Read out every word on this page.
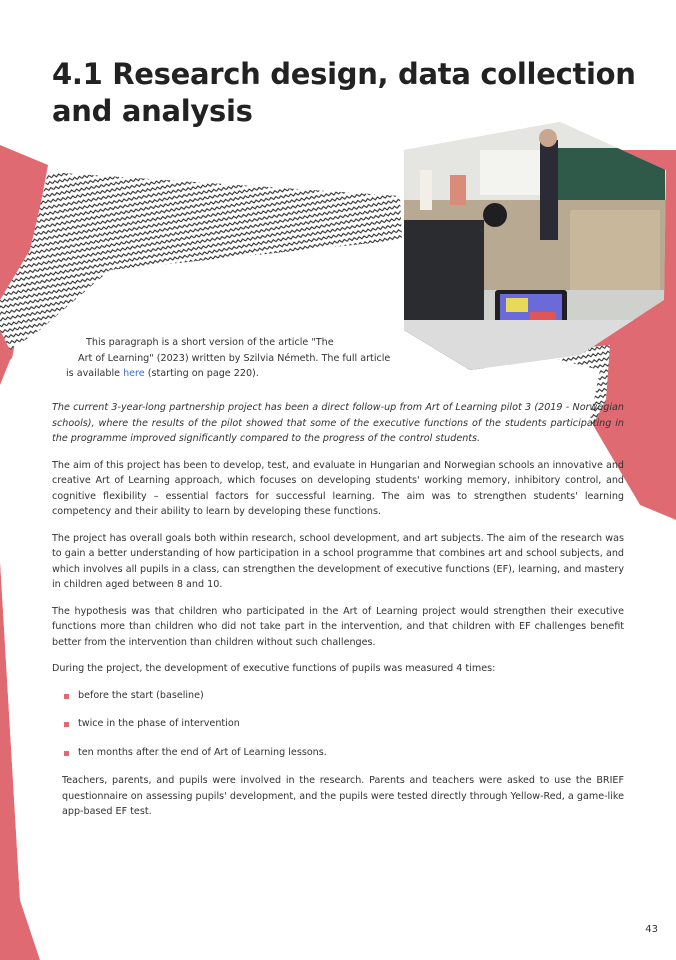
4.1 Research design, data collection and analysis
This paragraph is a short version of the article "The
Art of Learning" (2023) written by Szilvia Németh. The full article
is available here (starting on page 220).

The current 3-year-long partnership project has been a direct follow-up from Art of Learning pilot 3 (2019 - Norwegian schools), where the results of the pilot showed that some of the executive functions of the students participating in the programme improved significantly compared to the progress of the control students.

The aim of this project has been to develop, test, and evaluate in Hungarian and Norwegian schools an innovative and creative Art of Learning approach, which focuses on developing students' working memory, inhibitory control, and cognitive flexibility – essential factors for successful learning. The aim was to strengthen students' learning competency and their ability to learn by developing these functions.

The project has overall goals both within research, school development, and art subjects. The aim of the research was to gain a better understanding of how participation in a school programme that combines art and school subjects, and which involves all pupils in a class, can strengthen the development of executive functions (EF), learning, and mastery in children aged between 8 and 10.

The hypothesis was that children who participated in the Art of Learning project would strengthen their executive functions more than children who did not take part in the intervention, and that children with EF challenges benefit better from the intervention than children without such challenges.

During the project, the development of executive functions of pupils was measured 4 times:

before the start (baseline)
twice in the phase of intervention
ten months after the end of Art of Learning lessons.

Teachers, parents, and pupils were involved in the research. Parents and teachers were asked to use the BRIEF questionnaire on assessing pupils' development, and the pupils were tested directly through Yellow-Red, a game-like app-based EF test.

43
